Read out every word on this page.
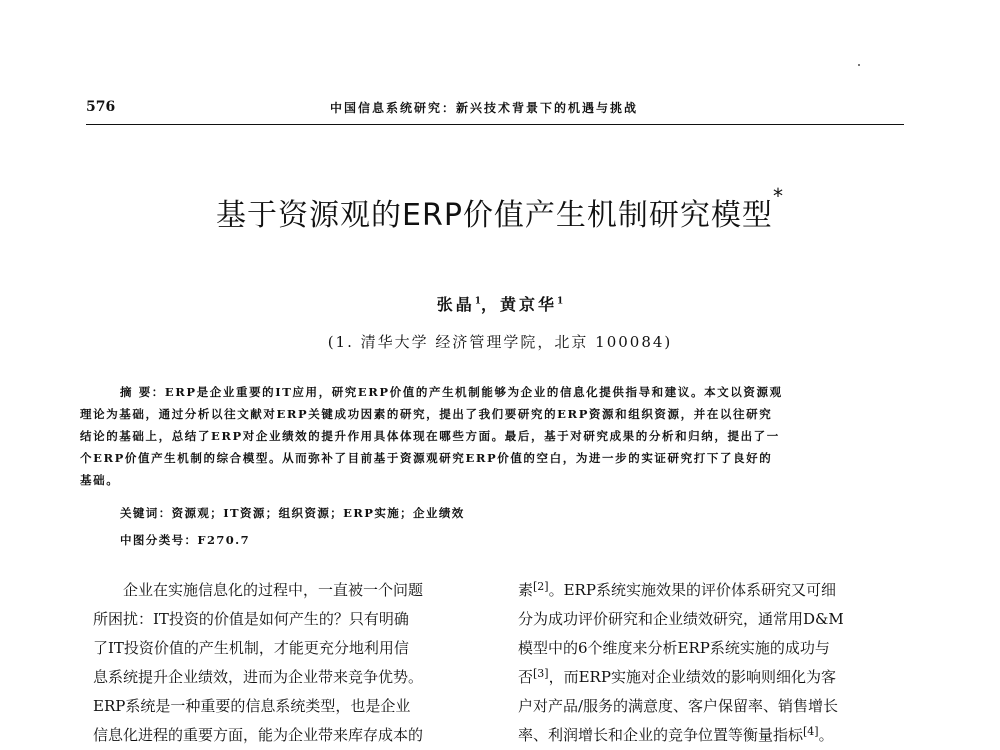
576	中国信息系统研究：新兴技术背景下的机遇与挑战
基于资源观的ERP价值产生机制研究模型*
张晶$^1$，黄京华$^1$
(1. 清华大学 经济管理学院，北京 100084)
摘 要：ERP是企业重要的IT应用，研究ERP价值的产生机制能够为企业的信息化提供指导和建议。本文以资源观
理论为基础，通过分析以往文献对ERP关键成功因素的研究，提出了我们要研究的ERP资源和组织资源，并在以往研究
结论的基础上，总结了ERP对企业绩效的提升作用具体体现在哪些方面。最后，基于对研究成果的分析和归纳，提出了一
个ERP价值产生机制的综合模型。从而弥补了目前基于资源观研究ERP价值的空白，为进一步的实证研究打下了良好的
基础。
关键词：资源观；IT资源；组织资源；ERP实施；企业绩效
中图分类号：F270.7
企业在实施信息化的过程中，一直被一个问题
所困扰：IT投资的价值是如何产生的？只有明确
了IT投资价值的产生机制，才能更充分地利用信
息系统提升企业绩效，进而为企业带来竞争优势。
ERP系统是一种重要的信息系统类型，也是企业
信息化进程的重要方面，能为企业带来库存成本的
素[2]。ERP系统实施效果的评价体系研究又可细
分为成功评价研究和企业绩效研究，通常用D&M
模型中的6个维度来分析ERP系统实施的成功与
否[3]，而ERP实施对企业绩效的影响则细化为客
户对产品/服务的满意度、客户保留率、销售增长
率、利润增长和企业的竞争位置等衡量指标[4]。
